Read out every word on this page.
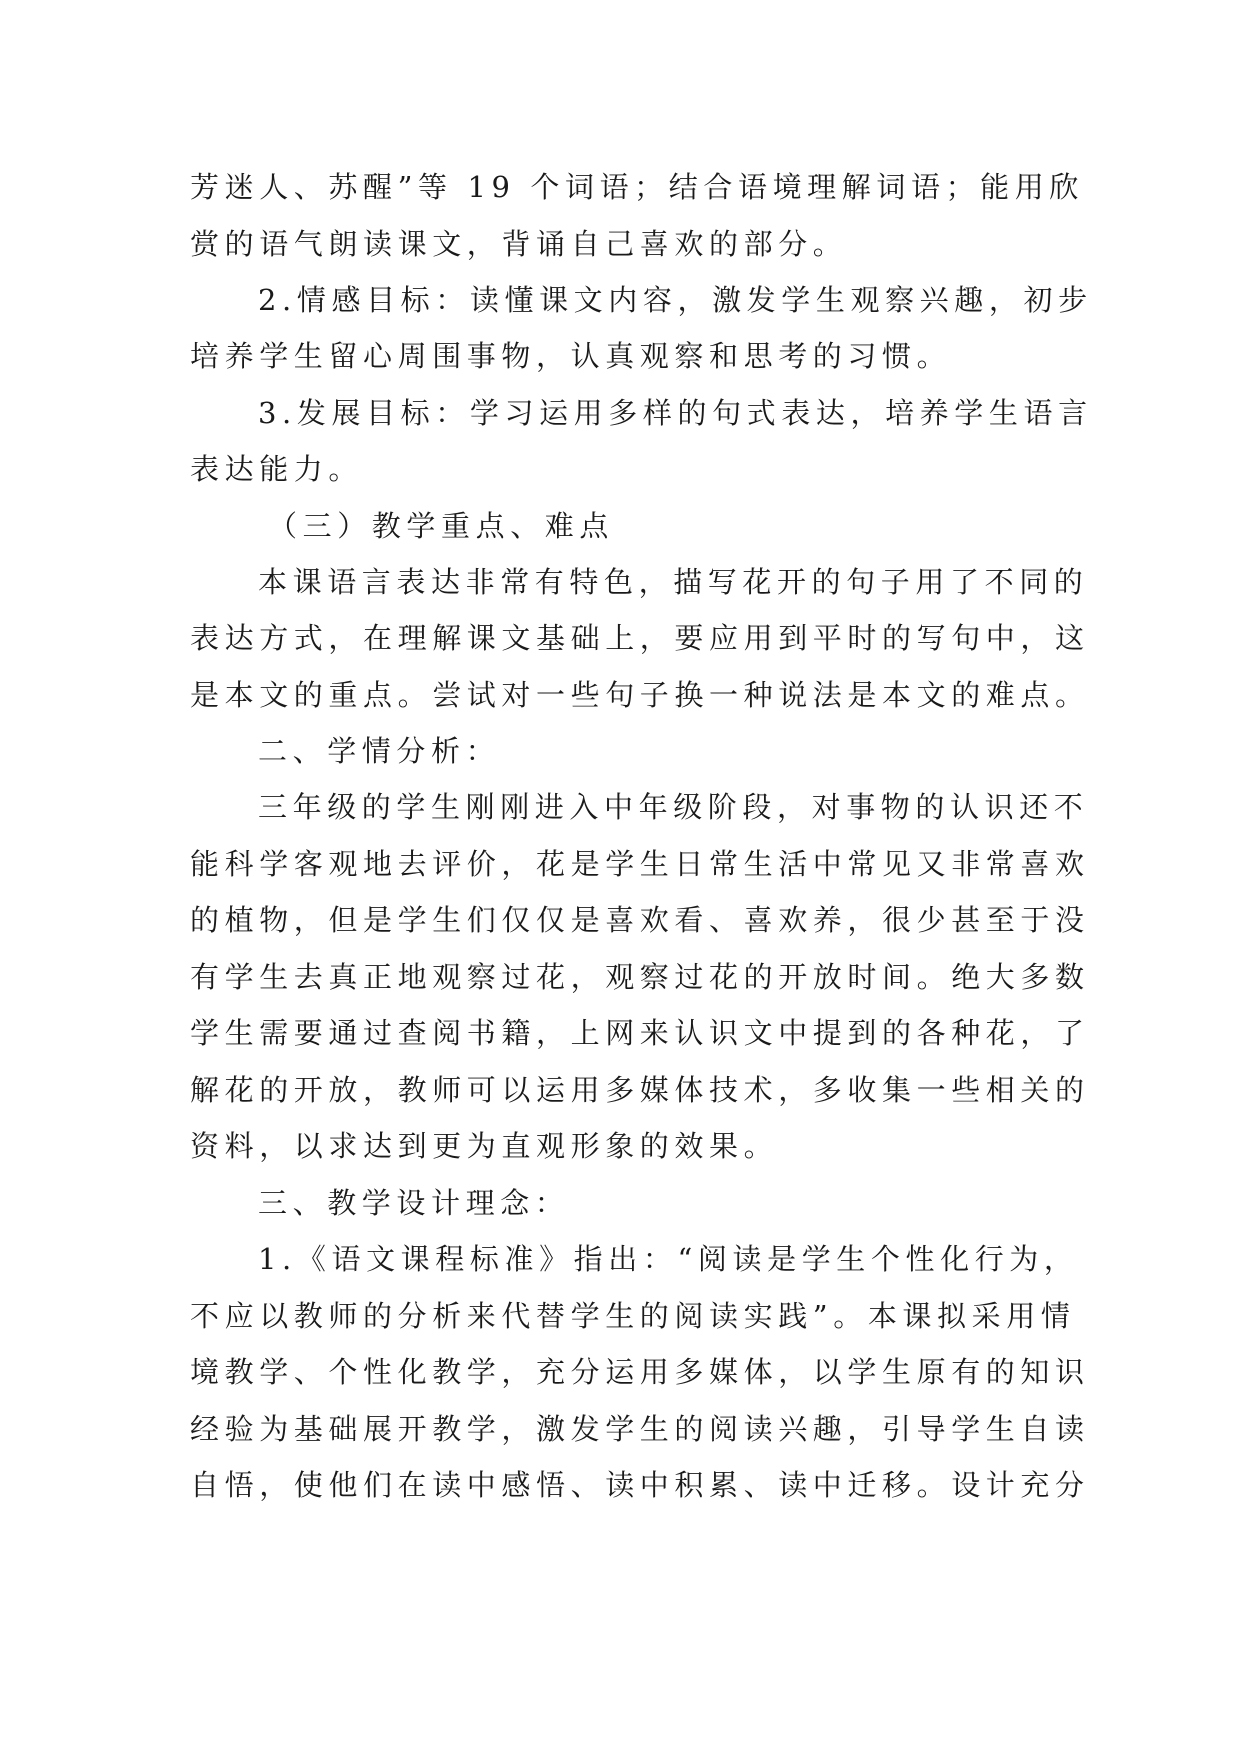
芳迷人、苏醒”等 19 个词语；结合语境理解词语；能用欣
赏的语气朗读课文，背诵自己喜欢的部分。
2.情感目标：读懂课文内容，激发学生观察兴趣，初步
培养学生留心周围事物，认真观察和思考的习惯。
3.发展目标：学习运用多样的句式表达，培养学生语言
表达能力。
（三）教学重点、难点
本课语言表达非常有特色，描写花开的句子用了不同的
表达方式，在理解课文基础上，要应用到平时的写句中，这
是本文的重点。尝试对一些句子换一种说法是本文的难点。
二、学情分析：
三年级的学生刚刚进入中年级阶段，对事物的认识还不
能科学客观地去评价，花是学生日常生活中常见又非常喜欢
的植物，但是学生们仅仅是喜欢看、喜欢养，很少甚至于没
有学生去真正地观察过花，观察过花的开放时间。绝大多数
学生需要通过查阅书籍，上网来认识文中提到的各种花，了
解花的开放，教师可以运用多媒体技术，多收集一些相关的
资料，以求达到更为直观形象的效果。
三、教学设计理念：
1.《语文课程标准》指出：“阅读是学生个性化行为，
不应以教师的分析来代替学生的阅读实践”。本课拟采用情
境教学、个性化教学，充分运用多媒体，以学生原有的知识
经验为基础展开教学，激发学生的阅读兴趣，引导学生自读
自悟，使他们在读中感悟、读中积累、读中迁移。设计充分
